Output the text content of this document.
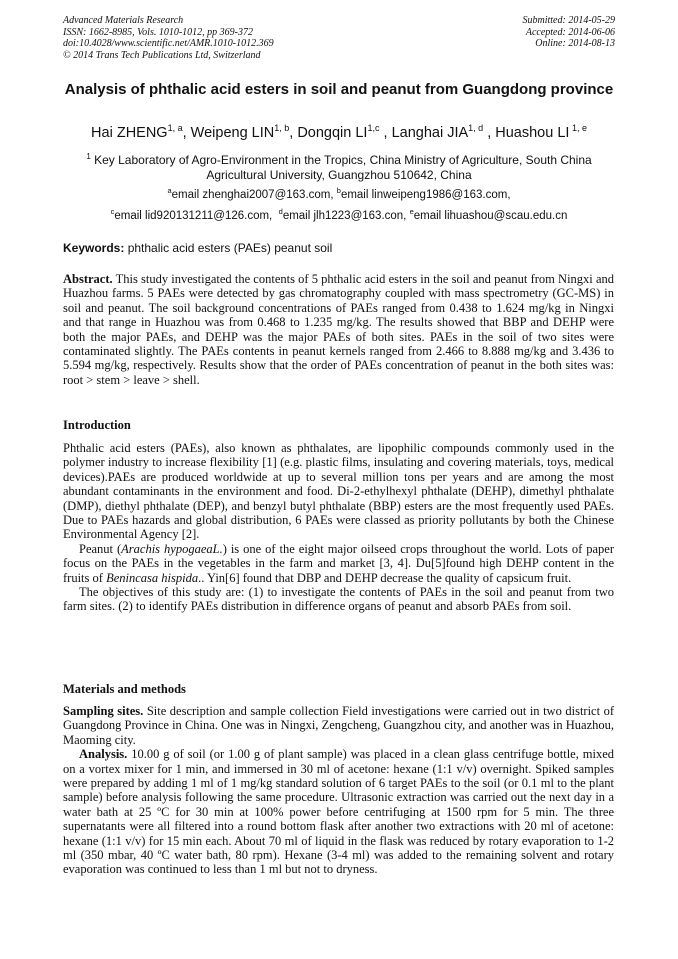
Advanced Materials Research
ISSN: 1662-8985, Vols. 1010-1012, pp 369-372
doi:10.4028/www.scientific.net/AMR.1010-1012.369
© 2014 Trans Tech Publications Ltd, Switzerland
Submitted: 2014-05-29
Accepted: 2014-06-06
Online: 2014-08-13
Analysis of phthalic acid esters in soil and peanut from Guangdong province
Hai ZHENG$^{1, a}$, Weipeng LIN$^{1, b}$, Dongqin LI$^{1,c}$ , Langhai JIA$^{1, d}$ , Huashou LI $^{1, e}$
$^1$ Key Laboratory of Agro-Environment in the Tropics, China Ministry of Agriculture, South China Agricultural University, Guangzhou 510642, China
$^a$email zhenghai2007@163.com, $^b$email linweipeng1986@163.com,
$^c$email lid920131211@126.com, $^d$email jlh1223@163.con, $^e$email lihuashou@scau.edu.cn
Keywords: phthalic acid esters (PAEs) peanut soil
Abstract. This study investigated the contents of 5 phthalic acid esters in the soil and peanut from Ningxi and Huazhou farms. 5 PAEs were detected by gas chromatography coupled with mass spectrometry (GC-MS) in soil and peanut. The soil background concentrations of PAEs ranged from 0.438 to 1.624 mg/kg in Ningxi and that range in Huazhou was from 0.468 to 1.235 mg/kg. The results showed that BBP and DEHP were both the major PAEs, and DEHP was the major PAEs of both sites. PAEs in the soil of two sites were contaminated slightly. The PAEs contents in peanut kernels ranged from 2.466 to 8.888 mg/kg and 3.436 to 5.594 mg/kg, respectively. Results show that the order of PAEs concentration of peanut in the both sites was: root > stem > leave > shell.
Introduction
Phthalic acid esters (PAEs), also known as phthalates, are lipophilic compounds commonly used in the polymer industry to increase flexibility [1] (e.g. plastic films, insulating and covering materials, toys, medical devices).PAEs are produced worldwide at up to several million tons per years and are among the most abundant contaminants in the environment and food. Di-2-ethylhexyl phthalate (DEHP), dimethyl phthalate (DMP), diethyl phthalate (DEP), and benzyl butyl phthalate (BBP) esters are the most frequently used PAEs. Due to PAEs hazards and global distribution, 6 PAEs were classed as priority pollutants by both the Chinese Environmental Agency [2].
Peanut (Arachis hypogaeaL.) is one of the eight major oilseed crops throughout the world. Lots of paper focus on the PAEs in the vegetables in the farm and market [3, 4]. Du[5]found high DEHP content in the fruits of Benincasa hispida.. Yin[6] found that DBP and DEHP decrease the quality of capsicum fruit.
The objectives of this study are: (1) to investigate the contents of PAEs in the soil and peanut from two farm sites. (2) to identify PAEs distribution in difference organs of peanut and absorb PAEs from soil.
Materials and methods
Sampling sites. Site description and sample collection Field investigations were carried out in two district of Guangdong Province in China. One was in Ningxi, Zengcheng, Guangzhou city, and another was in Huazhou, Maoming city.
Analysis. 10.00 g of soil (or 1.00 g of plant sample) was placed in a clean glass centrifuge bottle, mixed on a vortex mixer for 1 min, and immersed in 30 ml of acetone: hexane (1:1 v/v) overnight. Spiked samples were prepared by adding 1 ml of 1 mg/kg standard solution of 6 target PAEs to the soil (or 0.1 ml to the plant sample) before analysis following the same procedure. Ultrasonic extraction was carried out the next day in a water bath at 25 ºC for 30 min at 100% power before centrifuging at 1500 rpm for 5 min. The three supernatants were all filtered into a round bottom flask after another two extractions with 20 ml of acetone: hexane (1:1 v/v) for 15 min each. About 70 ml of liquid in the flask was reduced by rotary evaporation to 1-2 ml (350 mbar, 40 ºC water bath, 80 rpm). Hexane (3-4 ml) was added to the remaining solvent and rotary evaporation was continued to less than 1 ml but not to dryness.
